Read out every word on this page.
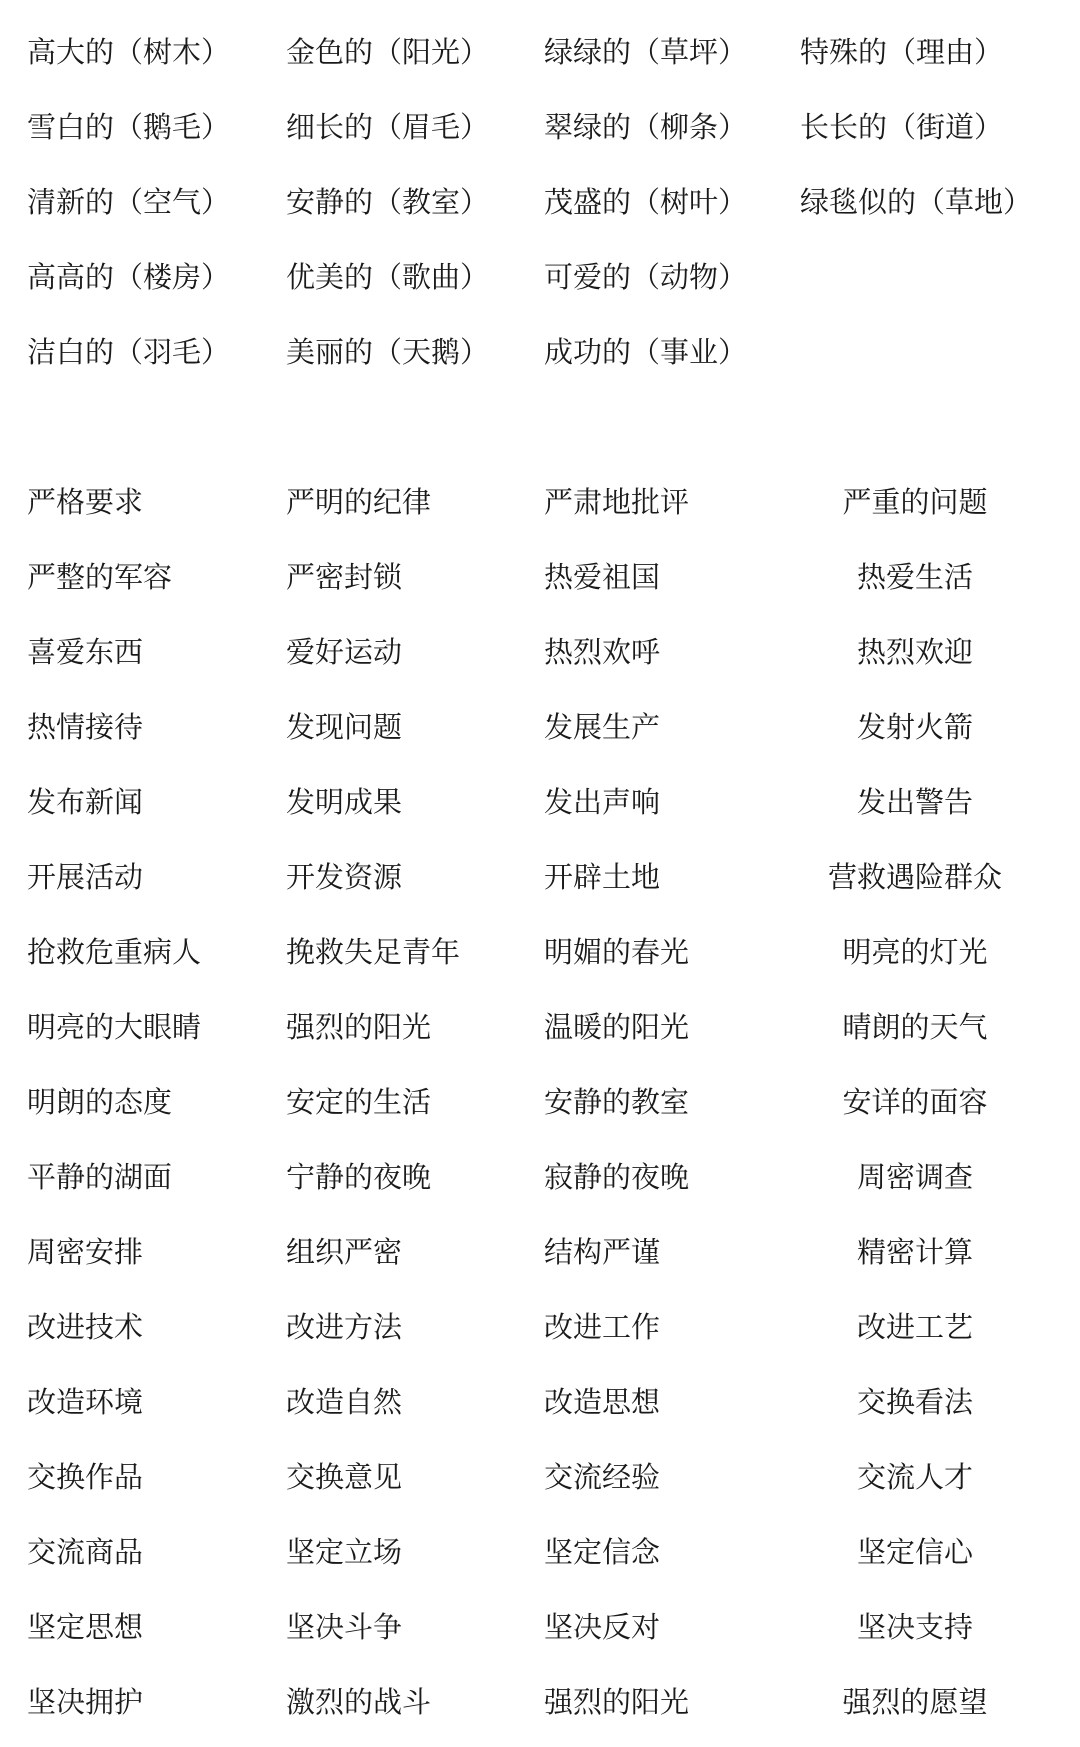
高大的（树木） 金色的（阳光） 绿绿的（草坪） 特殊的（理由）
雪白的（鹅毛） 细长的（眉毛） 翠绿的（柳条） 长长的（街道）
清新的（空气） 安静的（教室） 茂盛的（树叶） 绿毯似的（草地）
高高的（楼房） 优美的（歌曲） 可爱的（动物）
洁白的（羽毛） 美丽的（天鹅） 成功的（事业）
严格要求	严明的纪律	严肃地批评	严重的问题
严整的军容	严密封锁	热爱祖国	热爱生活
喜爱东西	爱好运动	热烈欢呼	热烈欢迎
热情接待	发现问题	发展生产	发射火箭
发布新闻	发明成果	发出声响	发出警告
开展活动	开发资源	开辟土地	营救遇险群众
抢救危重病人	挽救失足青年	明媚的春光	明亮的灯光
明亮的大眼睛	强烈的阳光	温暖的阳光	晴朗的天气
明朗的态度	安定的生活	安静的教室	安详的面容
平静的湖面	宁静的夜晚	寂静的夜晚	周密调查
周密安排	组织严密	结构严谨	精密计算
改进技术	改进方法	改进工作	改进工艺
改造环境	改造自然	改造思想	交换看法
交换作品	交换意见	交流经验	交流人才
交流商品	坚定立场	坚定信念	坚定信心
坚定思想	坚决斗争	坚决反对	坚决支持
坚决拥护	激烈的战斗	强烈的阳光	强烈的愿望
